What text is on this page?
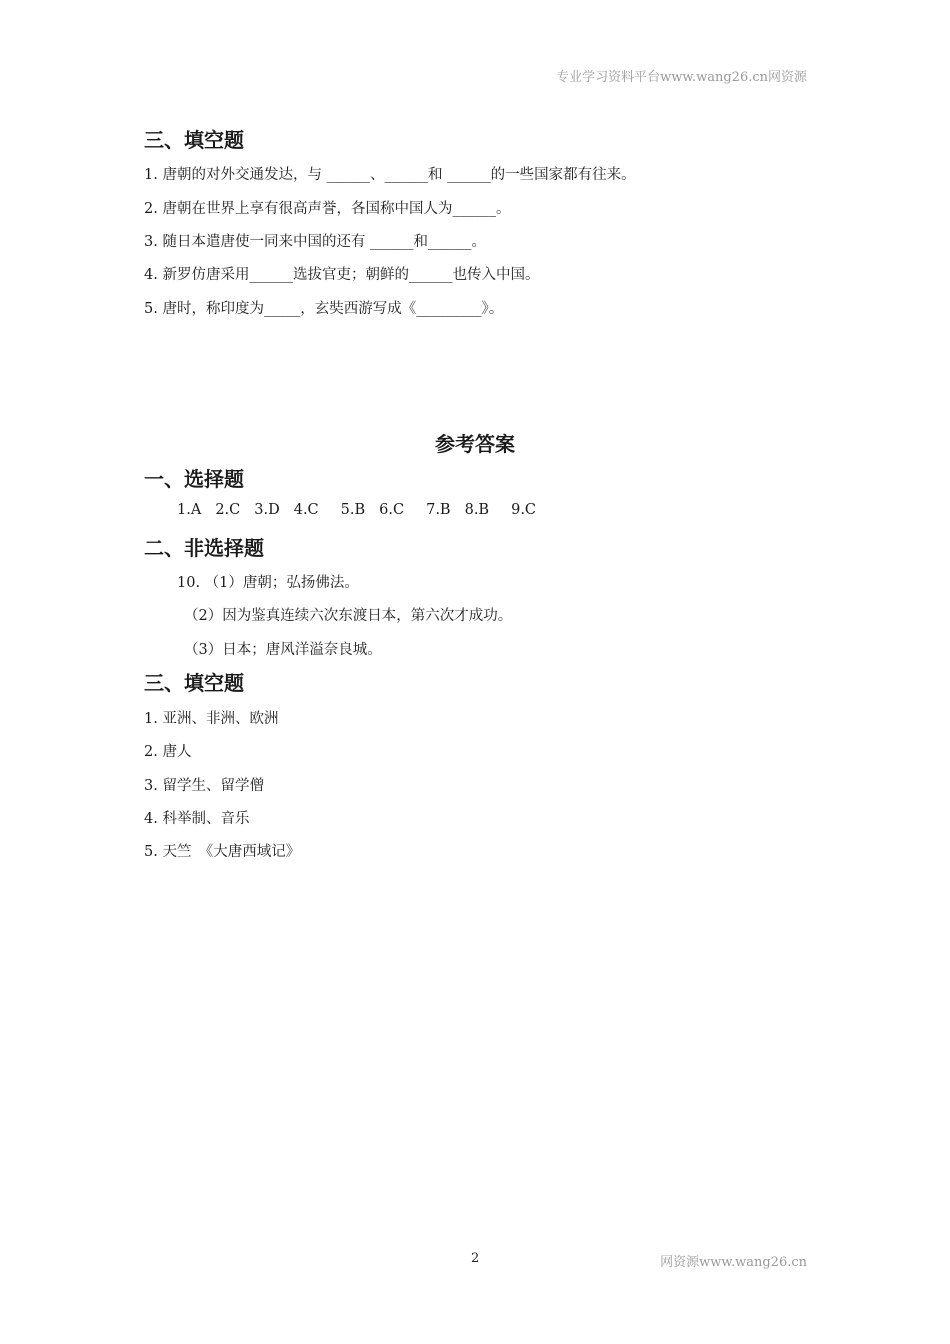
专业学习资料平台www.wang26.cn网资源
三、填空题
1. 唐朝的对外交通发达，与 ______、______和 ______的一些国家都有往来。
2. 唐朝在世界上享有很高声誉，各国称中国人为______。
3. 随日本遣唐使一同来中国的还有 ______和______。
4. 新罗仿唐采用______选拔官吏；朝鲜的______也传入中国。
5. 唐时，称印度为_____，玄奘西游写成《_________》。
参考答案
一、选择题
1.A 2.C 3.D 4.C 5.B 6.C 7.B 8.B 9.C
二、非选择题
10. （1）唐朝；弘扬佛法。
（2）因为鉴真连续六次东渡日本，第六次才成功。
（3）日本；唐风洋溢奈良城。
三、填空题
1. 亚洲、非洲、欧洲
2. 唐人
3. 留学生、留学僧
4. 科举制、音乐
5. 天竺　《大唐西域记》
2	网资源www.wang26.cn
